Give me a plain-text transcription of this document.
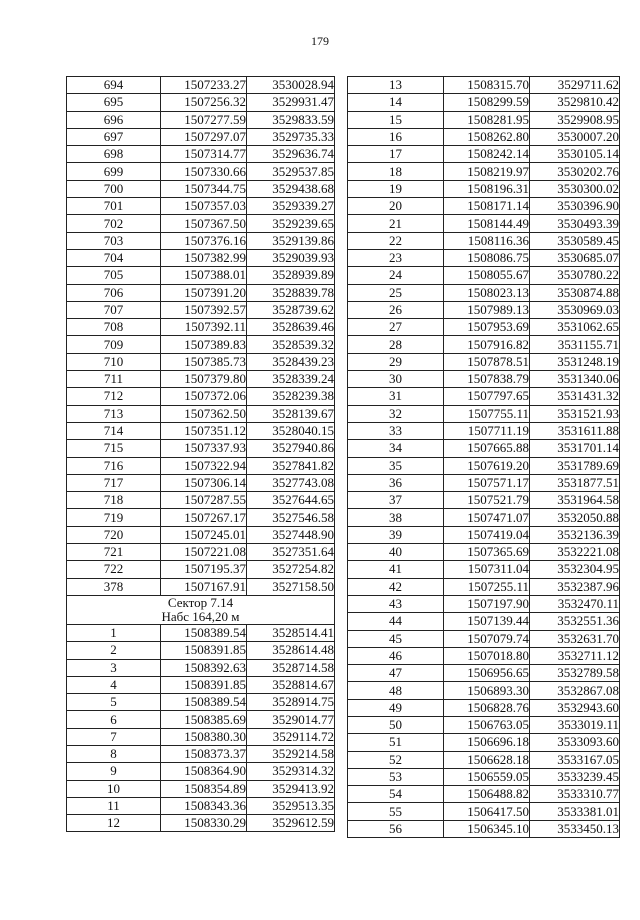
179
694	1507233.27	3530028.94
695	1507256.32	3529931.47
696	1507277.59	3529833.59
697	1507297.07	3529735.33
698	1507314.77	3529636.74
699	1507330.66	3529537.85
700	1507344.75	3529438.68
701	1507357.03	3529339.27
702	1507367.50	3529239.65
703	1507376.16	3529139.86
704	1507382.99	3529039.93
705	1507388.01	3528939.89
706	1507391.20	3528839.78
707	1507392.57	3528739.62
708	1507392.11	3528639.46
709	1507389.83	3528539.32
710	1507385.73	3528439.23
711	1507379.80	3528339.24
712	1507372.06	3528239.38
713	1507362.50	3528139.67
714	1507351.12	3528040.15
715	1507337.93	3527940.86
716	1507322.94	3527841.82
717	1507306.14	3527743.08
718	1507287.55	3527644.65
719	1507267.17	3527546.58
720	1507245.01	3527448.90
721	1507221.08	3527351.64
722	1507195.37	3527254.82
378	1507167.91	3527158.50

Сектор 7.14
Набс 164,20 м		

1	1508389.54	3528514.41
2	1508391.85	3528614.48
3	1508392.63	3528714.58
4	1508391.85	3528814.67
5	1508389.54	3528914.75
6	1508385.69	3529014.77
7	1508380.30	3529114.72
8	1508373.37	3529214.58
9	1508364.90	3529314.32
10	1508354.89	3529413.92
11	1508343.36	3529513.35
12	1508330.29	3529612.59
13	1508315.70	3529711.62
14	1508299.59	3529810.42
15	1508281.95	3529908.95
16	1508262.80	3530007.20
17	1508242.14	3530105.14
18	1508219.97	3530202.76
19	1508196.31	3530300.02
20	1508171.14	3530396.90
21	1508144.49	3530493.39
22	1508116.36	3530589.45
23	1508086.75	3530685.07
24	1508055.67	3530780.22
25	1508023.13	3530874.88
26	1507989.13	3530969.03
27	1507953.69	3531062.65
28	1507916.82	3531155.71
29	1507878.51	3531248.19
30	1507838.79	3531340.06
31	1507797.65	3531431.32
32	1507755.11	3531521.93
33	1507711.19	3531611.88
34	1507665.88	3531701.14
35	1507619.20	3531789.69
36	1507571.17	3531877.51
37	1507521.79	3531964.58
38	1507471.07	3532050.88
39	1507419.04	3532136.39
40	1507365.69	3532221.08
41	1507311.04	3532304.95
42	1507255.11	3532387.96
43	1507197.90	3532470.11
44	1507139.44	3532551.36
45	1507079.74	3532631.70
46	1507018.80	3532711.12
47	1506956.65	3532789.58
48	1506893.30	3532867.08
49	1506828.76	3532943.60
50	1506763.05	3533019.11
51	1506696.18	3533093.60
52	1506628.18	3533167.05
53	1506559.05	3533239.45
54	1506488.82	3533310.77
55	1506417.50	3533381.01
56	1506345.10	3533450.13
